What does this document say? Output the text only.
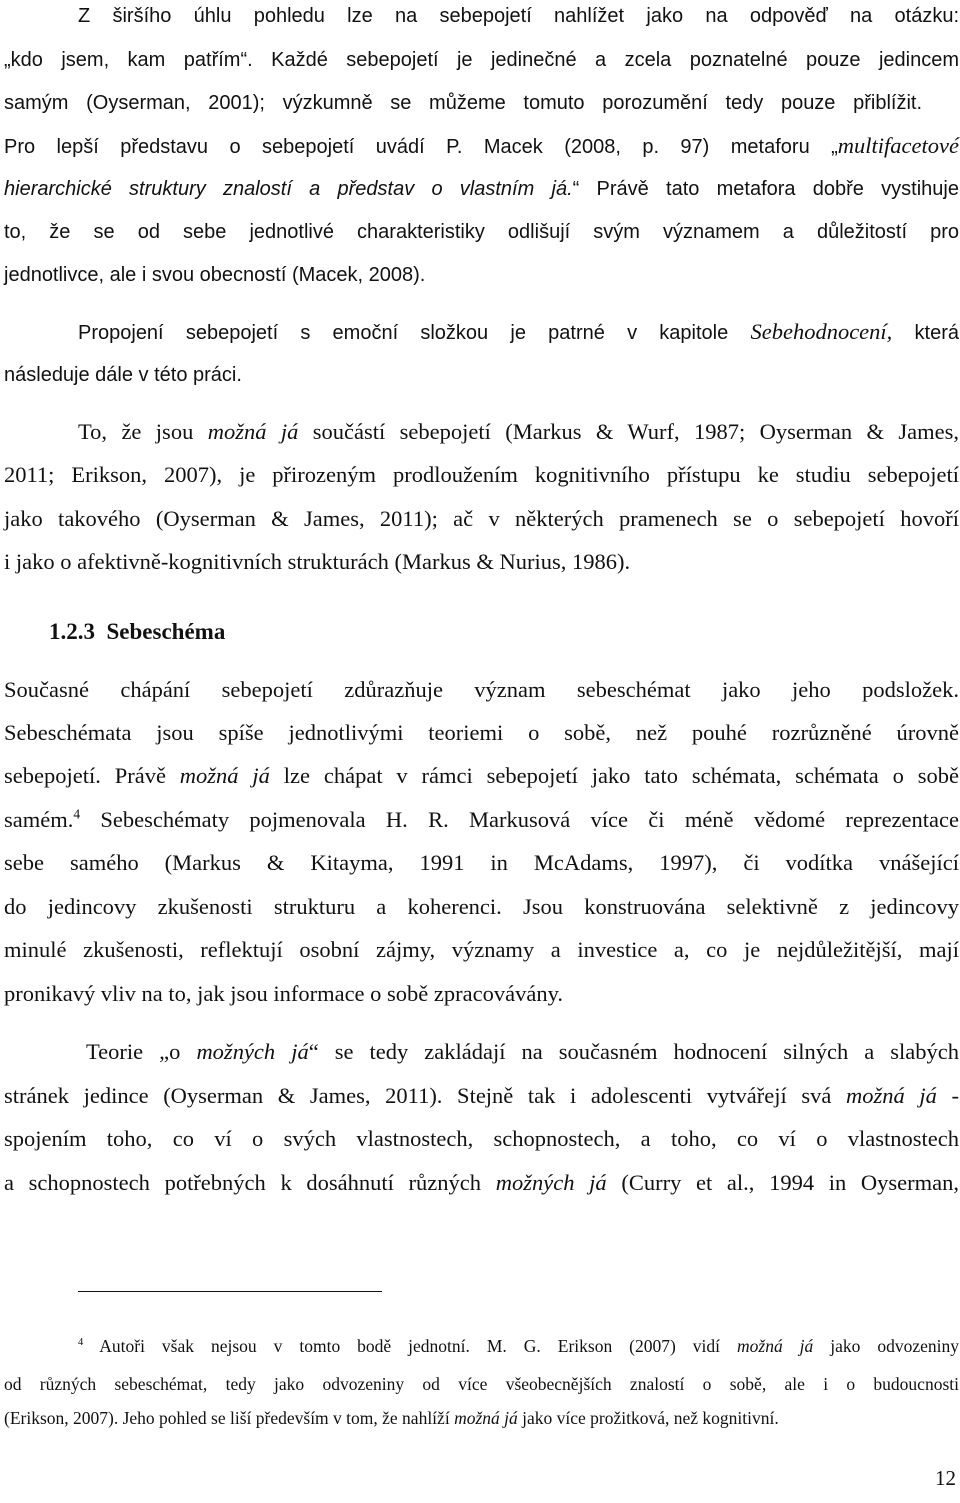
Z širšího úhlu pohledu lze na sebepojetí nahlížet jako na odpověď na otázku:
„kdo jsem, kam patřím“. Každé sebepojetí je jedinečné a zcela poznatelné pouze jedincem
samým (Oyserman, 2001); výzkumně se můžeme tomuto porozumění tedy pouze přiblížit.
Pro lepší představu o sebepojetí uvádí P. Macek (2008, p. 97) metaforu „multifacetové
hierarchické struktury znalostí a představ o vlastním já.“ Právě tato metafora dobře vystihuje
to, že se od sebe jednotlivé charakteristiky odlišují svým významem a důležitostí pro
jednotlivce, ale i svou obecností (Macek, 2008).
Propojení sebepojetí s emoční složkou je patrné v kapitole Sebehodnocení, která
následuje dále v této práci.
To, že jsou možná já součástí sebepojetí (Markus & Wurf, 1987; Oyserman & James,
2011; Erikson, 2007), je přirozeným prodloužením kognitivního přístupu ke studiu sebepojetí
jako takového (Oyserman & James, 2011); ač v některých pramenech se o sebepojetí hovoří
i jako o afektivně-kognitivních strukturách (Markus & Nurius, 1986).
1.2.3 Sebeschéma
Současné chápání sebepojetí zdůrazňuje význam sebeschémat jako jeho podsložek.
Sebeschémata jsou spíše jednotlivými teoriemi o sobě, než pouhé rozrůzněné úrovně
sebepojetí. Právě možná já lze chápat v rámci sebepojetí jako tato schémata, schémata o sobě
samém.$^4$ Sebeschématy pojmenovala H. R. Markusová více či méně vědomé reprezentace
sebe samého (Markus & Kitayma, 1991 in McAdams, 1997), či vodítka vnášející
do jedincovy zkušenosti strukturu a koherenci. Jsou konstruována selektivně z jedincovy
minulé zkušenosti, reflektují osobní zájmy, významy a investice a, co je nejdůležitější, mají
pronikavý vliv na to, jak jsou informace o sobě zpracovávány.
Teorie „o možných já“ se tedy zakládají na současném hodnocení silných a slabých
stránek jedince (Oyserman & James, 2011). Stejně tak i adolescenti vytvářejí svá možná já -
spojením toho, co ví o svých vlastnostech, schopnostech, a toho, co ví o vlastnostech
a schopnostech potřebných k dosáhnutí různých možných já (Curry et al., 1994 in Oyserman,
$^4$ Autoři však nejsou v tomto bodě jednotní. M. G. Erikson (2007) vidí možná já jako odvozeniny
od různých sebeschémat, tedy jako odvozeniny od více všeobecnějších znalostí o sobě, ale i o budoucnosti
(Erikson, 2007). Jeho pohled se liší především v tom, že nahlíží možná já jako více prožitková, než kognitivní.
12
